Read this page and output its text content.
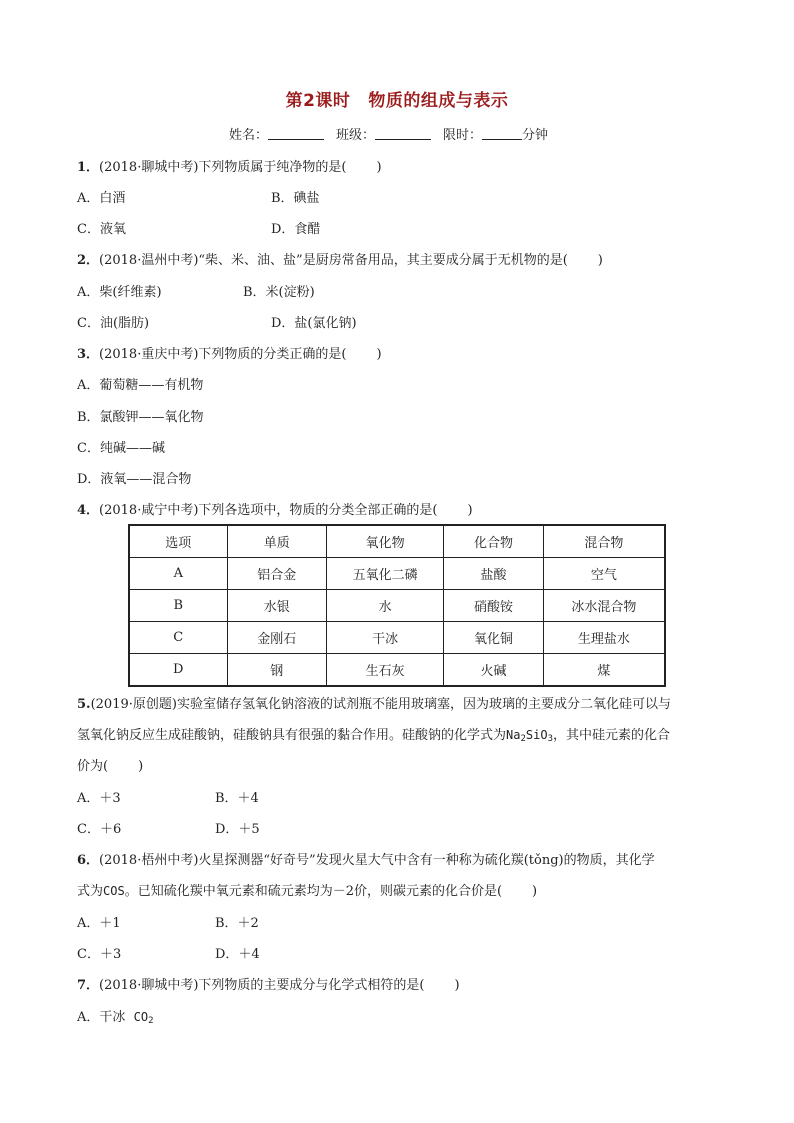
第2课时 物质的组成与表示
姓名：	班级：	限时：	分钟
1．(2018·聊城中考)下列物质属于纯净物的是( )
A．白酒	B．碘盐
C．液氧	D．食醋
2．(2018·温州中考)“柴、米、油、盐”是厨房常备用品，其主要成分属于无机物的是( )
A．柴(纤维素)	B．米(淀粉)
C．油(脂肪)	D．盐(氯化钠)
3．(2018·重庆中考)下列物质的分类正确的是( )
A．葡萄糖——有机物
B．氯酸钾——氧化物
C．纯碱——碱
D．液氧——混合物
4．(2018·咸宁中考)下列各选项中，物质的分类全部正确的是( )
选项	单质	氧化物	化合物	混合物
A	铝合金	五氧化二磷	盐酸	空气
B	水银	水	硝酸铵	冰水混合物
C	金刚石	干冰	氧化铜	生理盐水
D	钢	生石灰	火碱	煤
5.(2019·原创题)实验室储存氢氧化钠溶液的试剂瓶不能用玻璃塞，因为玻璃的主要成分二氧化硅可以与
氢氧化钠反应生成硅酸钠，硅酸钠具有很强的黏合作用。硅酸钠的化学式为$Na_2SiO_3$，其中硅元素的化合
价为( )
A．＋3	B．＋4
C．＋6	D．＋5
6．(2018·梧州中考)火星探测器“好奇号”发现火星大气中含有一种称为硫化羰(tǒng)的物质，其化学
式为COS。已知硫化羰中氧元素和硫元素均为－2价，则碳元素的化合价是( )
A．＋1	B．＋2
C．＋3	D．＋4
7．(2018·聊城中考)下列物质的主要成分与化学式相符的是( )
A．干冰 $CO_2$
